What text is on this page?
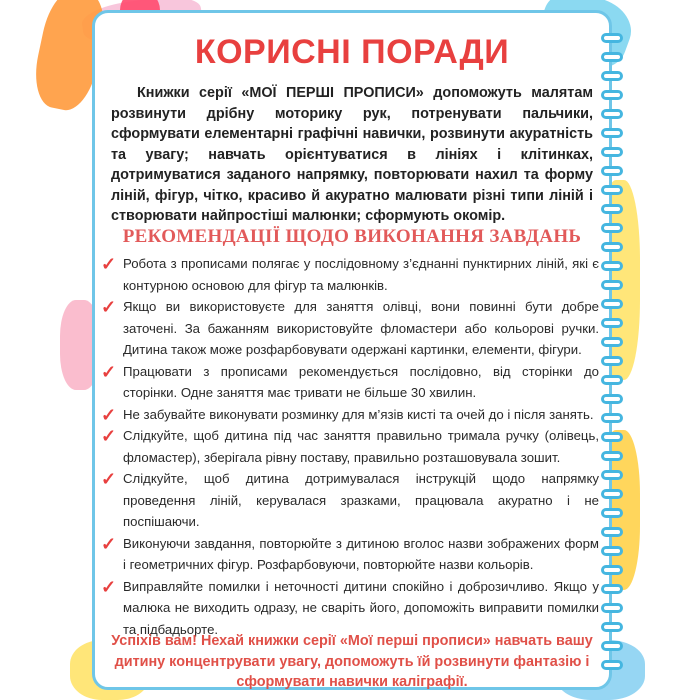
КОРИСНІ ПОРАДИ
Книжки серії «МОЇ ПЕРШІ ПРОПИСИ» допоможуть малятам розвинути дрібну моторику рук, потренувати пальчики, сформувати елементарні графічні навички, розвинути акуратність та увагу; навчать орієнтуватися в лініях і клітинках, дотримуватися заданого напрямку, повторювати нахил та форму ліній, фігур, чітко, красиво й акуратно малювати різні типи ліній і створювати найпростіші малюнки; сформують окомір.
РЕКОМЕНДАЦІЇ ЩОДО ВИКОНАННЯ ЗАВДАНЬ
✓ Робота з прописами полягає у послідовному з’єднанні пунктирних ліній, які є контурною основою для фігур та малюнків.
✓ Якщо ви використовуєте для заняття олівці, вони повинні бути добре заточені. За бажанням використовуйте фломастери або кольорові ручки. Дитина також може розфарбовувати одержані картинки, елементи, фігури.
✓ Працювати з прописами рекомендується послідовно, від сторінки до сторінки. Одне заняття має тривати не більше 30 хвилин.
✓ Не забувайте виконувати розминку для м’язів кисті та очей до і після занять.
✓ Слідкуйте, щоб дитина під час заняття правильно тримала ручку (олівець, фломастер), зберігала рівну поставу, правильно розташовувала зошит.
✓ Слідкуйте, щоб дитина дотримувалася інструкцій щодо напрямку проведення ліній, керувалася зразками, працювала акуратно і не поспішаючи.
✓ Виконуючи завдання, повторюйте з дитиною вголос назви зображених форм і геометричних фігур. Розфарбовуючи, повторюйте назви кольорів.
✓ Виправляйте помилки і неточності дитини спокійно і доброзичливо. Якщо у малюка не виходить одразу, не сваріть його, допоможіть виправити помилки та підбадьорте.
Успіхів вам! Нехай книжки серії «Мої перші прописи» навчать вашу дитину концентрувати увагу, допоможуть їй розвинути фантазію і сформувати навички каліграфії.
